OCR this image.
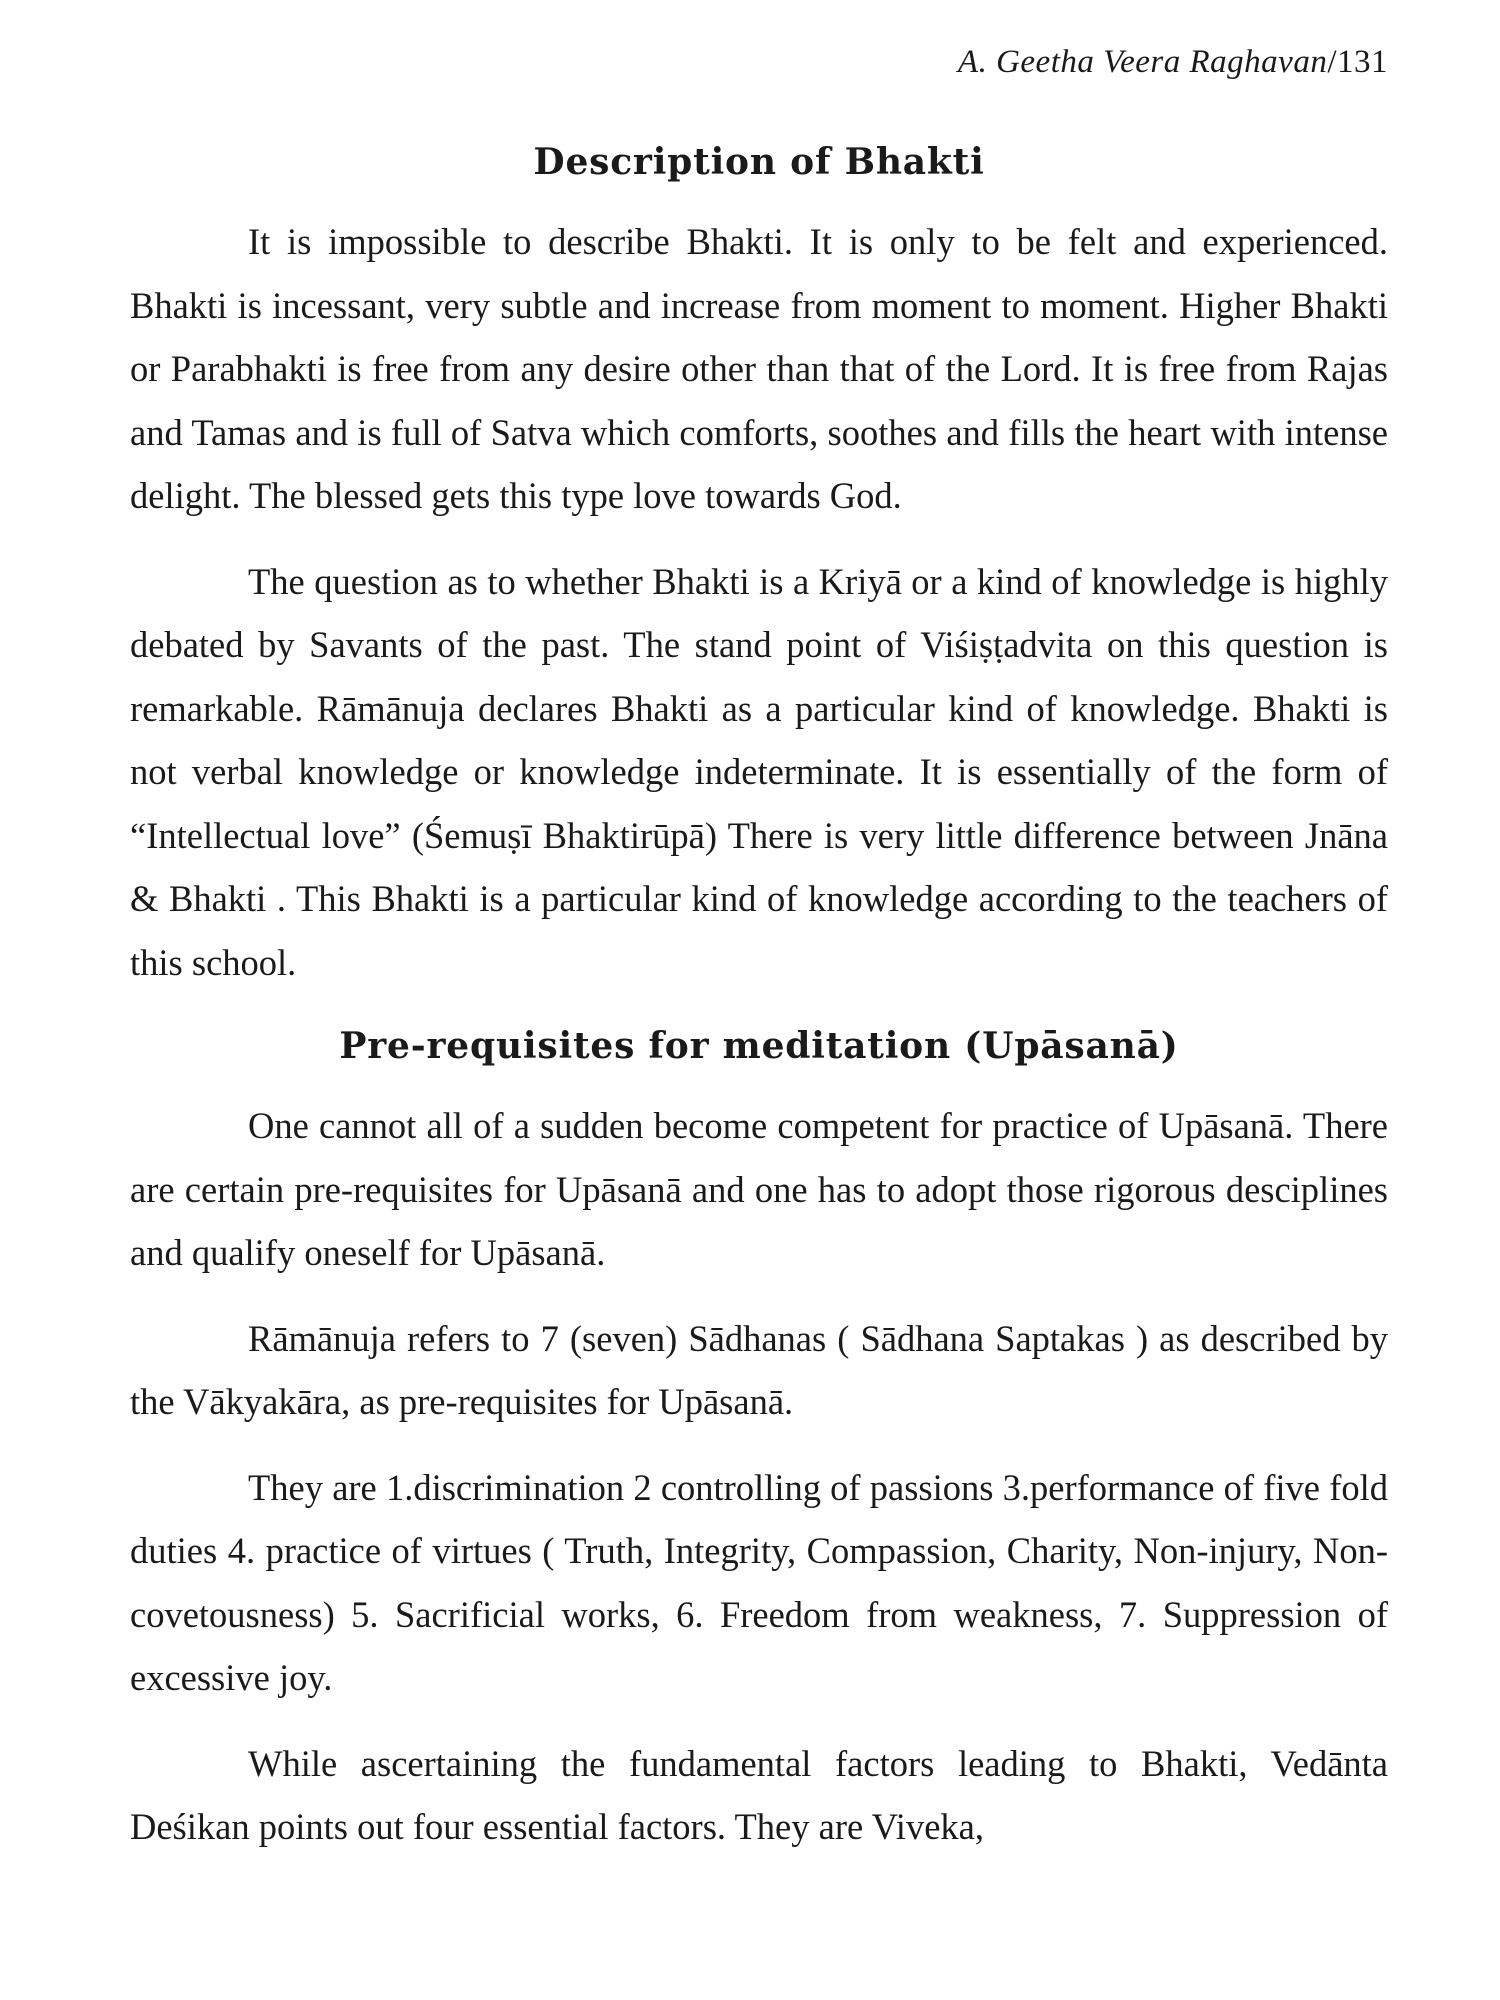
A. Geetha Veera Raghavan/131
Description of Bhakti

It is impossible to describe Bhakti. It is only to be felt and experienced. Bhakti is incessant, very subtle and increase from moment to moment. Higher Bhakti or Parabhakti is free from any desire other than that of the Lord. It is free from Rajas and Tamas and is full of Satva which comforts, soothes and fills the heart with intense delight. The blessed gets this type love towards God.

The question as to whether Bhakti is a Kriyā or a kind of knowledge is highly debated by Savants of the past. The stand point of Viśiṣṭadvita on this question is remarkable. Rāmānuja declares Bhakti as a particular kind of knowledge. Bhakti is not verbal knowledge or knowledge indeterminate. It is essentially of the form of “Intellectual love” (Śemuṣī Bhaktirūpā) There is very little difference between Jnāna & Bhakti . This Bhakti is a particular kind of knowledge according to the teachers of this school.

Pre-requisites for meditation (Upāsanā)

One cannot all of a sudden become competent for practice of Upāsanā. There are certain pre-requisites for Upāsanā and one has to adopt those rigorous desciplines and qualify oneself for Upāsanā.

Rāmānuja refers to 7 (seven) Sādhanas ( Sādhana Saptakas ) as described by the Vākyakāra, as pre-requisites for Upāsanā.

They are 1.discrimination 2 controlling of passions 3.performance of five fold duties 4. practice of virtues ( Truth, Integrity, Compassion, Charity, Non-injury, Non-covetousness) 5. Sacrificial works, 6. Freedom from weakness, 7. Suppression of excessive joy.

While ascertaining the fundamental factors leading to Bhakti, Vedānta Deśikan points out four essential factors. They are Viveka,
